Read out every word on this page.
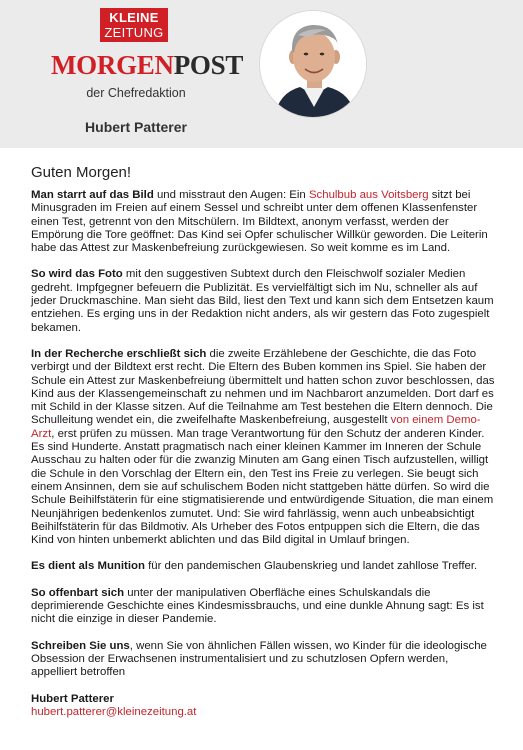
KLEINE
ZEITUNG
MORGENPOST
der Chefredaktion
Hubert Patterer
Guten Morgen!

Man starrt auf das Bild und misstraut den Augen: Ein Schulbub aus Voitsberg sitzt bei Minusgraden im Freien auf einem Sessel und schreibt unter dem offenen Klassenfenster einen Test, getrennt von den Mitschülern. Im Bildtext, anonym verfasst, werden der Empörung die Tore geöffnet: Das Kind sei Opfer schulischer Willkür geworden. Die Leiterin habe das Attest zur Maskenbefreiung zurückgewiesen. So weit komme es im Land.

So wird das Foto mit den suggestiven Subtext durch den Fleischwolf sozialer Medien gedreht. Impfgegner befeuern die Publizität. Es vervielfältigt sich im Nu, schneller als auf jeder Druckmaschine. Man sieht das Bild, liest den Text und kann sich dem Entsetzen kaum entziehen. Es erging uns in der Redaktion nicht anders, als wir gestern das Foto zugespielt bekamen.

In der Recherche erschließt sich die zweite Erzählebene der Geschichte, die das Foto verbirgt und der Bildtext erst recht. Die Eltern des Buben kommen ins Spiel. Sie haben der Schule ein Attest zur Maskenbefreiung übermittelt und hatten schon zuvor beschlossen, das Kind aus der Klassengemeinschaft zu nehmen und im Nachbarort anzumelden. Dort darf es mit Schild in der Klasse sitzen. Auf die Teilnahme am Test bestehen die Eltern dennoch. Die Schulleitung wendet ein, die zweifelhafte Maskenbefreiung, ausgestellt von einem Demo-Arzt, erst prüfen zu müssen. Man trage Verantwortung für den Schutz der anderen Kinder. Es sind Hunderte. Anstatt pragmatisch nach einer kleinen Kammer im Inneren der Schule Ausschau zu halten oder für die zwanzig Minuten am Gang einen Tisch aufzustellen, willigt die Schule in den Vorschlag der Eltern ein, den Test ins Freie zu verlegen. Sie beugt sich einem Ansinnen, dem sie auf schulischem Boden nicht stattgeben hätte dürfen. So wird die Schule Beihilfstäterin für eine stigmatisierende und entwürdigende Situation, die man einem Neunjährigen bedenkenlos zumutet. Und: Sie wird fahrlässig, wenn auch unbeabsichtigt Beihilfstäterin für das Bildmotiv. Als Urheber des Fotos entpuppen sich die Eltern, die das Kind von hinten unbemerkt ablichten und das Bild digital in Umlauf bringen.

Es dient als Munition für den pandemischen Glaubenskrieg und landet zahllose Treffer.

So offenbart sich unter der manipulativen Oberfläche eines Schulskandals die deprimierende Geschichte eines Kindesmissbrauchs, und eine dunkle Ahnung sagt: Es ist nicht die einzige in dieser Pandemie.

Schreiben Sie uns, wenn Sie von ähnlichen Fällen wissen, wo Kinder für die ideologische Obsession der Erwachsenen instrumentalisiert und zu schutzlosen Opfern werden, appelliert betroffen

Hubert Patterer
hubert.patterer@kleinezeitung.at
